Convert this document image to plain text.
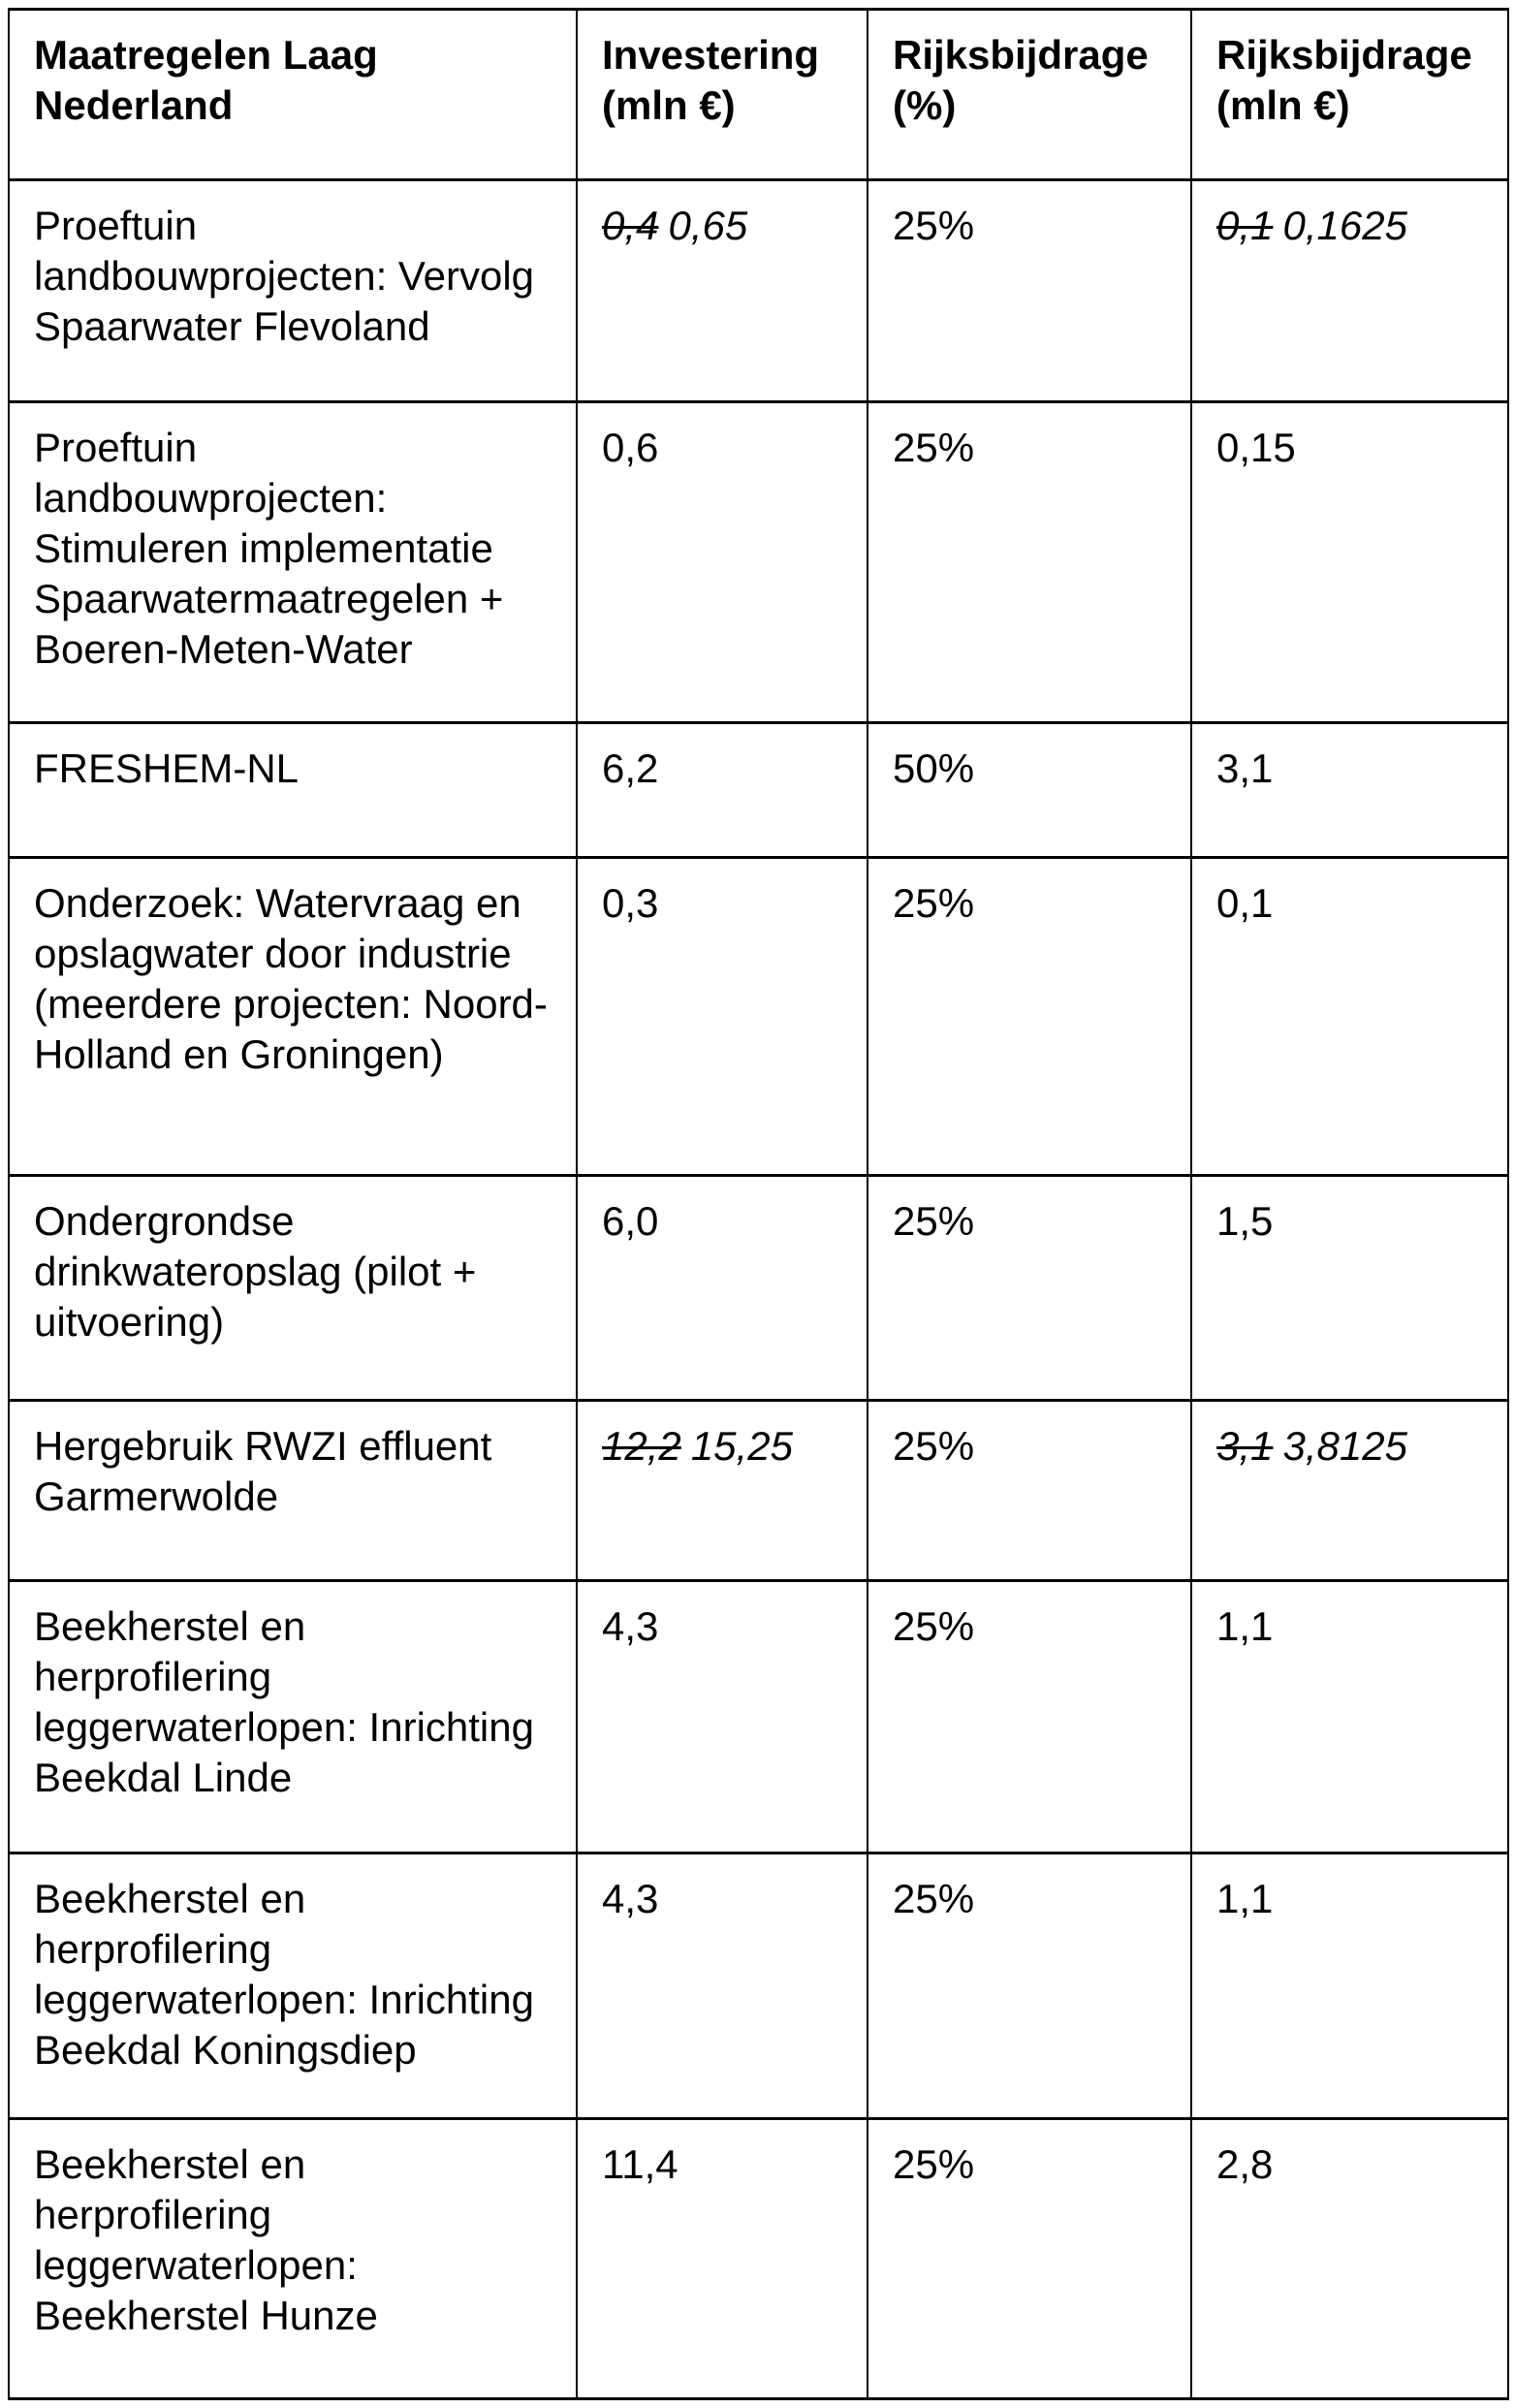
Maatregelen Laag Nederland	Investering (mln €)	Rijksbijdrage (%)	Rijksbijdrage (mln €)
Proeftuin landbouwprojecten: Vervolg Spaarwater Flevoland	0,4 0,65	25%	0,1 0,1625
Proeftuin landbouwprojecten: Stimuleren implementatie Spaarwatermaatregelen + Boeren-Meten-Water	0,6	25%	0,15
FRESHEM-NL	6,2	50%	3,1
Onderzoek: Watervraag en opslagwater door industrie (meerdere projecten: Noord-Holland en Groningen)	0,3	25%	0,1
Ondergrondse drinkwateropslag (pilot + uitvoering)	6,0	25%	1,5
Hergebruik RWZI effluent Garmerwolde	12,2 15,25	25%	3,1 3,8125
Beekherstel en herprofilering leggerwaterlopen: Inrichting Beekdal Linde	4,3	25%	1,1
Beekherstel en herprofilering leggerwaterlopen: Inrichting Beekdal Koningsdiep	4,3	25%	1,1
Beekherstel en herprofilering leggerwaterlopen: Beekherstel Hunze	11,4	25%	2,8
